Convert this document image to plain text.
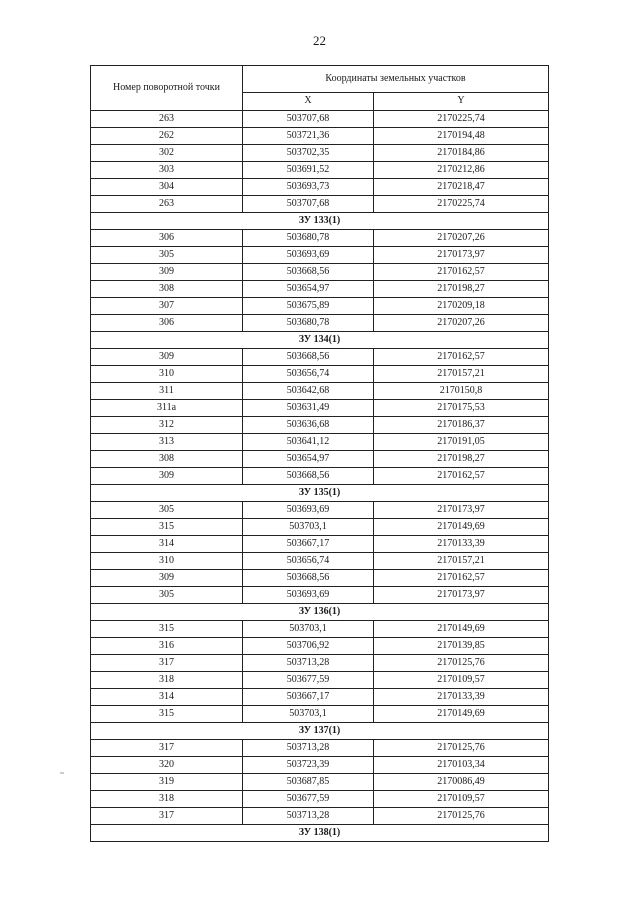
22
Номер поворотной точки	Координаты земельных участков	
	X	Y
263	503707,68	2170225,74
262	503721,36	2170194,48
302	503702,35	2170184,86
303	503691,52	2170212,86
304	503693,73	2170218,47
263	503707,68	2170225,74
ЗУ 133(1)		
306	503680,78	2170207,26
305	503693,69	2170173,97
309	503668,56	2170162,57
308	503654,97	2170198,27
307	503675,89	2170209,18
306	503680,78	2170207,26
ЗУ 134(1)		
309	503668,56	2170162,57
310	503656,74	2170157,21
311	503642,68	2170150,8
311а	503631,49	2170175,53
312	503636,68	2170186,37
313	503641,12	2170191,05
308	503654,97	2170198,27
309	503668,56	2170162,57
ЗУ 135(1)		
305	503693,69	2170173,97
315	503703,1	2170149,69
314	503667,17	2170133,39
310	503656,74	2170157,21
309	503668,56	2170162,57
305	503693,69	2170173,97
ЗУ 136(1)		
315	503703,1	2170149,69
316	503706,92	2170139,85
317	503713,28	2170125,76
318	503677,59	2170109,57
314	503667,17	2170133,39
315	503703,1	2170149,69
ЗУ 137(1)		
317	503713,28	2170125,76
320	503723,39	2170103,34
319	503687,85	2170086,49
318	503677,59	2170109,57
317	503713,28	2170125,76
ЗУ 138(1)		
